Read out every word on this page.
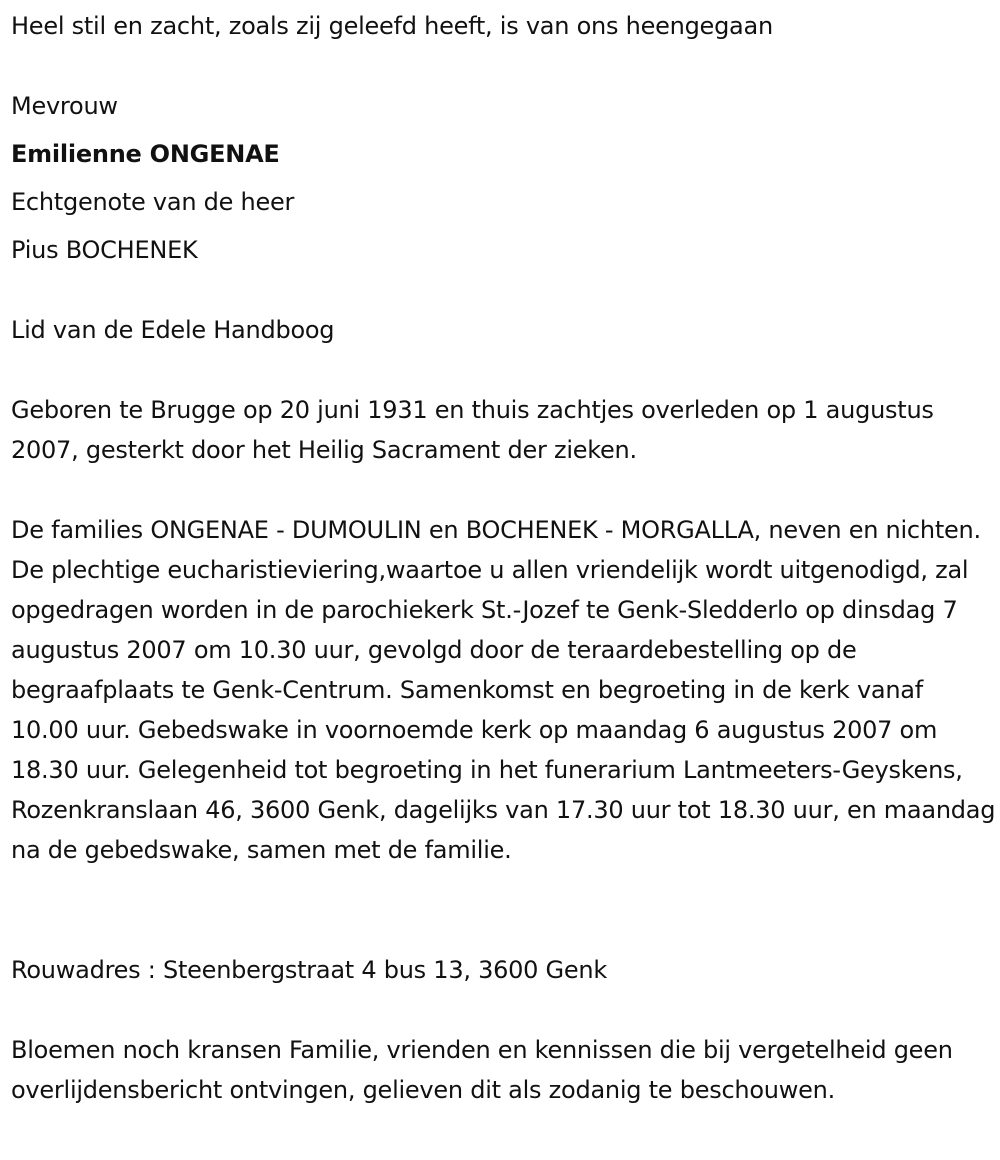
Heel stil en zacht, zoals zij geleefd heeft, is van ons heengegaan
Mevrouw
Emilienne ONGENAE
Echtgenote van de heer
Pius BOCHENEK
Lid van de Edele Handboog
Geboren te Brugge op 20 juni 1931 en thuis zachtjes overleden op 1 augustus 2007, gesterkt door het Heilig Sacrament der zieken.
De families ONGENAE - DUMOULIN en BOCHENEK - MORGALLA, neven en nichten. De plechtige eucharistieviering,waartoe u allen vriendelijk wordt uitgenodigd, zal opgedragen worden in de parochiekerk St.-Jozef te Genk-Sledderlo op dinsdag 7 augustus 2007 om 10.30 uur, gevolgd door de teraardebestelling op de begraafplaats te Genk-Centrum. Samenkomst en begroeting in de kerk vanaf 10.00 uur. Gebedswake in voornoemde kerk op maandag 6 augustus 2007 om 18.30 uur. Gelegenheid tot begroeting in het funerarium Lantmeeters-Geyskens, Rozenkranslaan 46, 3600 Genk, dagelijks van 17.30 uur tot 18.30 uur, en maandag na de gebedswake, samen met de familie.
Rouwadres : Steenbergstraat 4 bus 13, 3600 Genk
Bloemen noch kransen Familie, vrienden en kennissen die bij vergetelheid geen overlijdensbericht ontvingen, gelieven dit als zodanig te beschouwen.
